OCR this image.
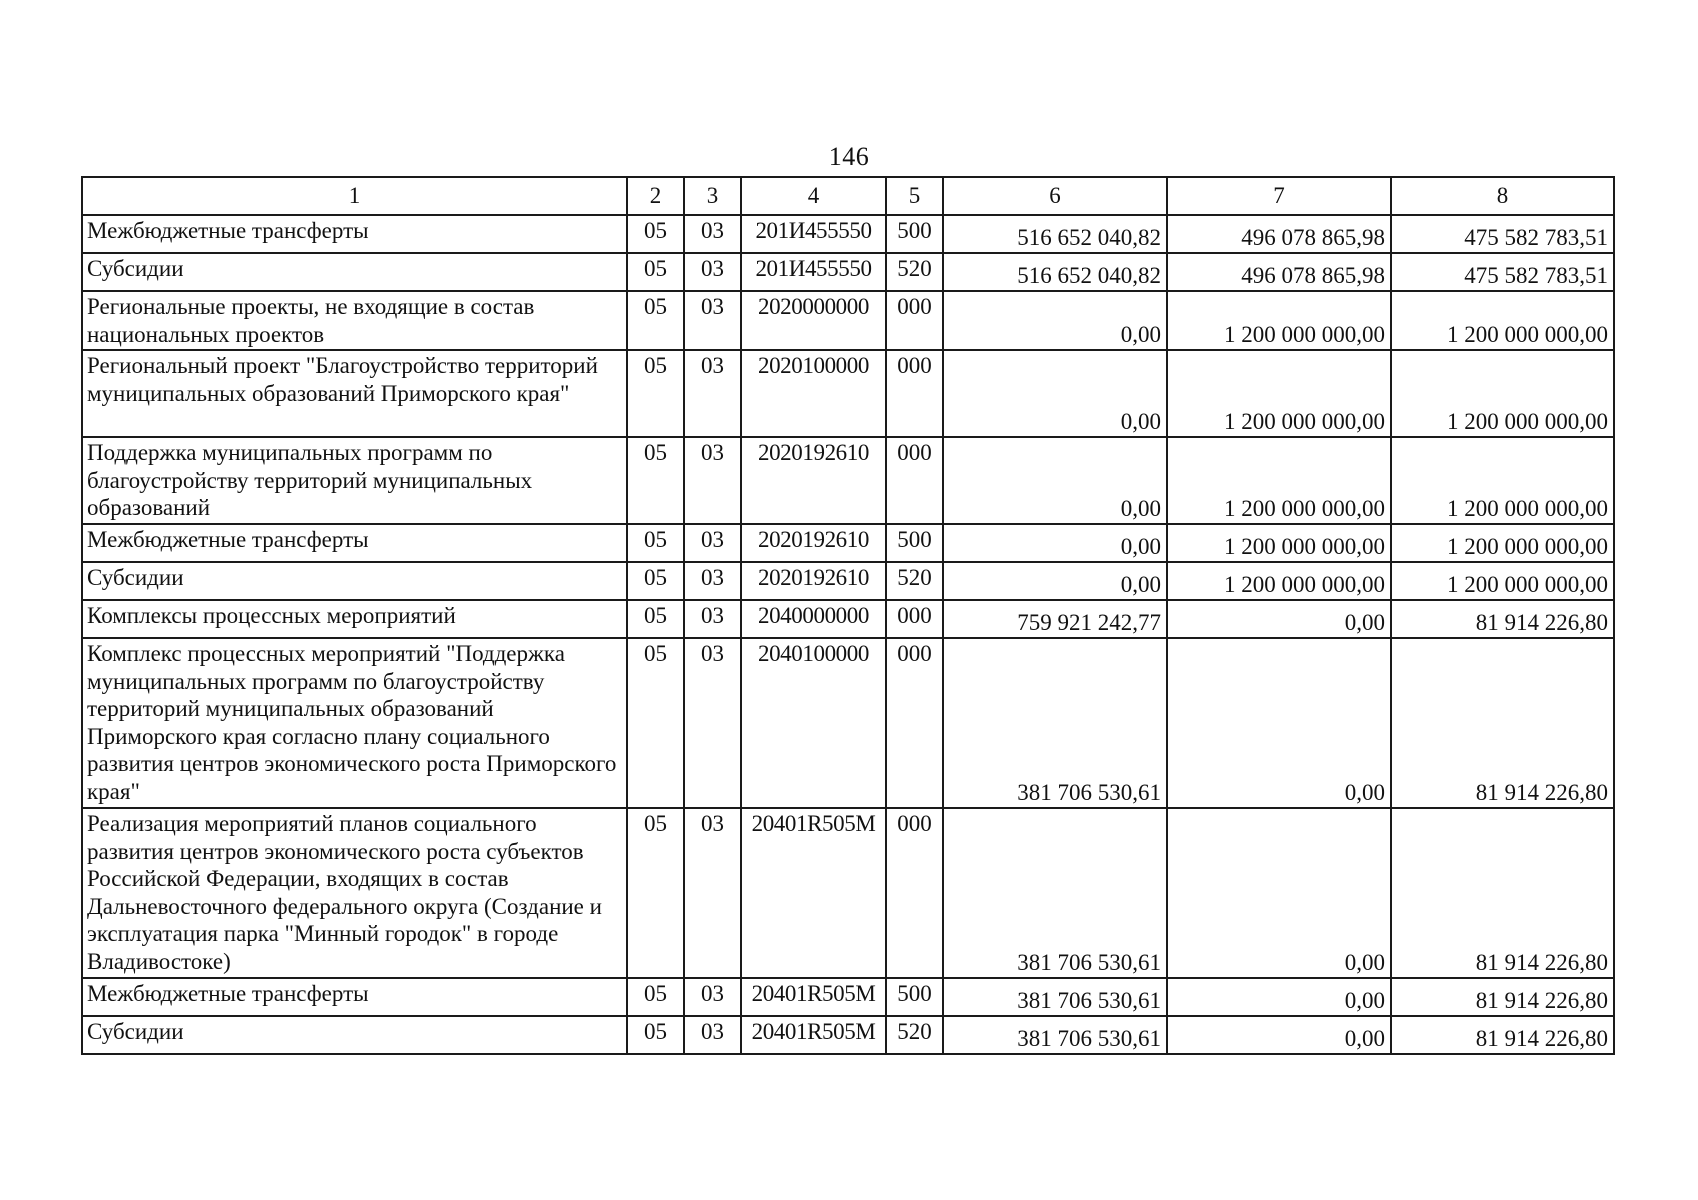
146
1	2	3	4	5	6	7	8
Межбюджетные трансферты	05	03	201И455550	500	516 652 040,82	496 078 865,98	475 582 783,51
Субсидии	05	03	201И455550	520	516 652 040,82	496 078 865,98	475 582 783,51
Региональные проекты, не входящие в состав национальных проектов	05	03	2020000000	000	0,00	1 200 000 000,00	1 200 000 000,00
Региональный проект "Благоустройство территорий муниципальных образований Приморского края"	05	03	2020100000	000	0,00	1 200 000 000,00	1 200 000 000,00
Поддержка муниципальных программ по благоустройству территорий муниципальных образований	05	03	2020192610	000	0,00	1 200 000 000,00	1 200 000 000,00
Межбюджетные трансферты	05	03	2020192610	500	0,00	1 200 000 000,00	1 200 000 000,00
Субсидии	05	03	2020192610	520	0,00	1 200 000 000,00	1 200 000 000,00
Комплексы процессных мероприятий	05	03	2040000000	000	759 921 242,77	0,00	81 914 226,80
Комплекс процессных мероприятий "Поддержка муниципальных программ по благоустройству территорий муниципальных образований Приморского края согласно плану социального развития центров экономического роста Приморского края"	05	03	2040100000	000	381 706 530,61	0,00	81 914 226,80
Реализация мероприятий планов социального развития центров экономического роста субъектов Российской Федерации, входящих в состав Дальневосточного федерального округа (Создание и эксплуатация парка "Минный городок" в городе Владивостоке)	05	03	20401R505M	000	381 706 530,61	0,00	81 914 226,80
Межбюджетные трансферты	05	03	20401R505M	500	381 706 530,61	0,00	81 914 226,80
Субсидии	05	03	20401R505M	520	381 706 530,61	0,00	81 914 226,80
